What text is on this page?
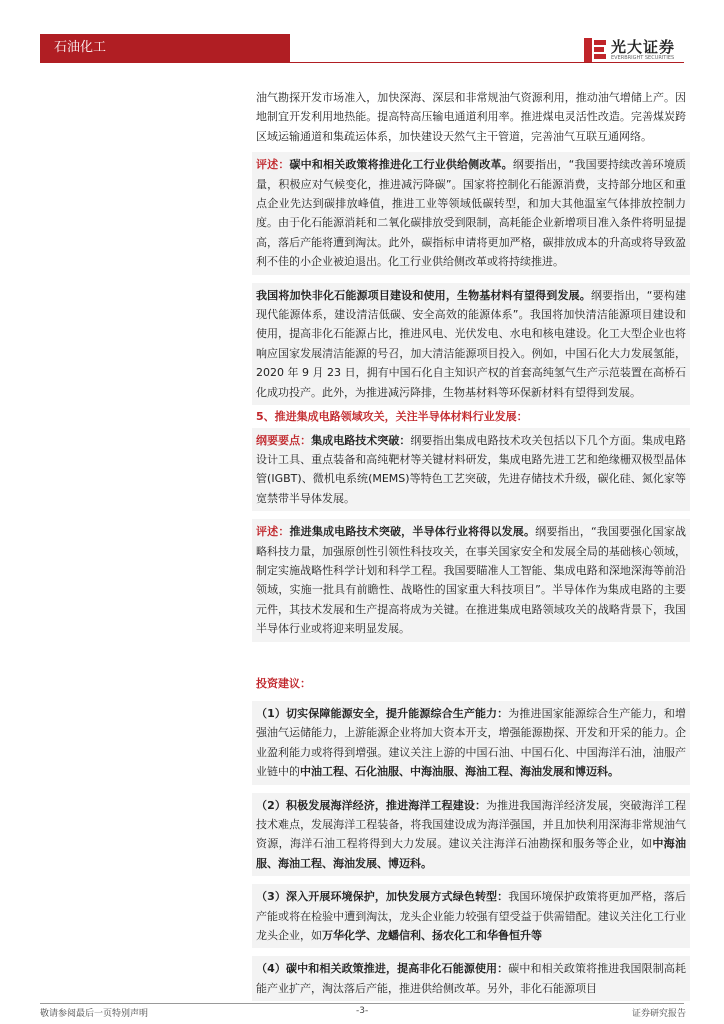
石油化工	光大证券
EVERBRIGHT SECURITIES

油气勘探开发市场准入，加快深海、深层和非常规油气资源利用，推动油气增储上产。因地制宜开发利用地热能。提高特高压输电通道利用率。推进煤电灵活性改造。完善煤炭跨区域运输通道和集疏运体系，加快建设天然气主干管道，完善油气互联互通网络。

评述：碳中和相关政策将推进化工行业供给侧改革。纲要指出，“我国要持续改善环境质量，积极应对气候变化，推进减污降碳”。国家将控制化石能源消费，支持部分地区和重点企业先达到碳排放峰值，推进工业等领域低碳转型，和加大其他温室气体排放控制力度。由于化石能源消耗和二氧化碳排放受到限制，高耗能企业新增项目准入条件将明显提高，落后产能将遭到淘汰。此外，碳指标申请将更加严格，碳排放成本的升高或将导致盈利不佳的小企业被迫退出。化工行业供给侧改革或将持续推进。

我国将加快非化石能源项目建设和使用，生物基材料有望得到发展。纲要指出，“要构建现代能源体系，建设清洁低碳、安全高效的能源体系”。我国将加快清洁能源项目建设和使用，提高非化石能源占比，推进风电、光伏发电、水电和核电建设。化工大型企业也将响应国家发展清洁能源的号召，加大清洁能源项目投入。例如，中国石化大力发展氢能，2020 年 9 月 23 日，拥有中国石化自主知识产权的首套高纯氢气生产示范装置在高桥石化成功投产。此外，为推进减污降排，生物基材料等环保新材料有望得到发展。

5、推进集成电路领域攻关，关注半导体材料行业发展：

纲要要点：集成电路技术突破：纲要指出集成电路技术攻关包括以下几个方面。集成电路设计工具、重点装备和高纯靶材等关键材料研发，集成电路先进工艺和绝缘栅双极型晶体管(IGBT)、微机电系统(MEMS)等特色工艺突破，先进存储技术升级，碳化硅、氮化家等宽禁带半导体发展。

评述：推进集成电路技术突破，半导体行业将得以发展。纲要指出，“我国要强化国家战略科技力量，加强原创性引领性科技攻关，在事关国家安全和发展全局的基础核心领域，制定实施战略性科学计划和科学工程。我国要瞄准人工智能、集成电路和深地深海等前沿领域，实施一批具有前瞻性、战略性的国家重大科技项目”。半导体作为集成电路的主要元件，其技术发展和生产提高将成为关键。在推进集成电路领域攻关的战略背景下，我国半导体行业或将迎来明显发展。

投资建议：

（1）切实保障能源安全，提升能源综合生产能力：为推进国家能源综合生产能力，和增强油气运储能力，上游能源企业将加大资本开支，增强能源勘探、开发和开采的能力。企业盈利能力或将得到增强。建议关注上游的中国石油、中国石化、中国海洋石油，油服产业链中的中油工程、石化油服、中海油服、海油工程、海油发展和博迈科。

（2）积极发展海洋经济，推进海洋工程建设：为推进我国海洋经济发展，突破海洋工程技术难点，发展海洋工程装备，将我国建设成为海洋强国，并且加快利用深海非常规油气资源，海洋石油工程将得到大力发展。建议关注海洋石油勘探和服务等企业，如中海油服、海油工程、海油发展、博迈科。

（3）深入开展环境保护，加快发展方式绿色转型：我国环境保护政策将更加严格，落后产能或将在检验中遭到淘汰，龙头企业能力较强有望受益于供需错配。建议关注化工行业龙头企业，如万华化学、龙蟠信利、扬农化工和华鲁恒升等

（4）碳中和相关政策推进，提高非化石能源使用：碳中和相关政策将推进我国限制高耗能产业扩产，淘汰落后产能，推进供给侧改革。另外，非化石能源项目

敬请参阅最后一页特别声明	-3-	证券研究报告
